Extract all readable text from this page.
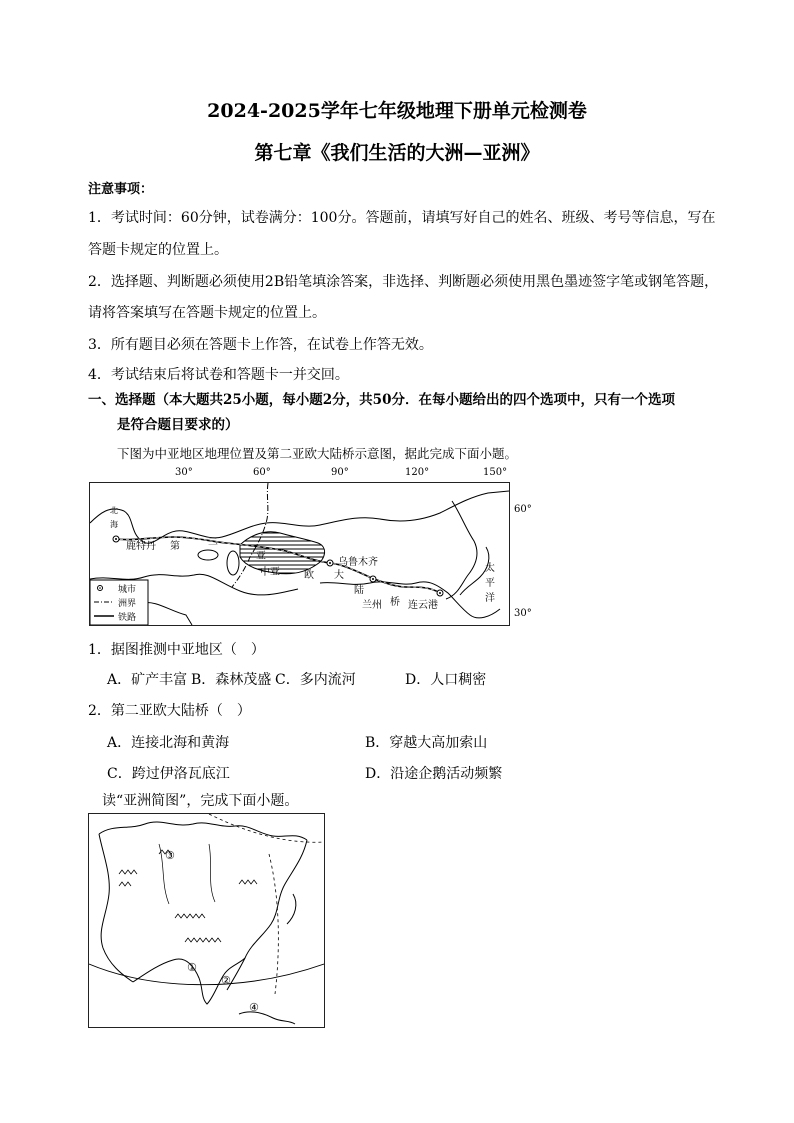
2024-2025学年七年级地理下册单元检测卷
第七章《我们生活的大洲—亚洲》
注意事项：
1．考试时间：60分钟，试卷满分：100分。答题前，请填写好自己的姓名、班级、考号等信息，写在
答题卡规定的位置上。
2．选择题、判断题必须使用2B铅笔填涂答案，非选择、判断题必须使用黑色墨迹签字笔或钢笔答题，
请将答案填写在答题卡规定的位置上。
3．所有题目必须在答题卡上作答，在试卷上作答无效。
4．考试结束后将试卷和答题卡一并交回。
一、选择题（本大题共25小题，每小题2分，共50分．在每小题给出的四个选项中，只有一个选项
是符合题目要求的）
下图为中亚地区地理位置及第二亚欧大陆桥示意图，据此完成下面小题。
北
海
鹿特丹 第	二
亚
中亚 欧 大
乌鲁木齐
陆
兰州 桥 连云港
太
平
洋
城市
洲界
铁路
30°	60°	90°	120°	150°
60°
30°
1．据图推测中亚地区（　）
A．矿产丰富 B．森林茂盛 C．多内流河	D．人口稠密
2．第二亚欧大陆桥（　）
A．连接北海和黄海	B．穿越大高加索山
C．跨过伊洛瓦底江	D．沿途企鹅活动频繁
读“亚洲简图”，完成下面小题。
③
①
②
④
